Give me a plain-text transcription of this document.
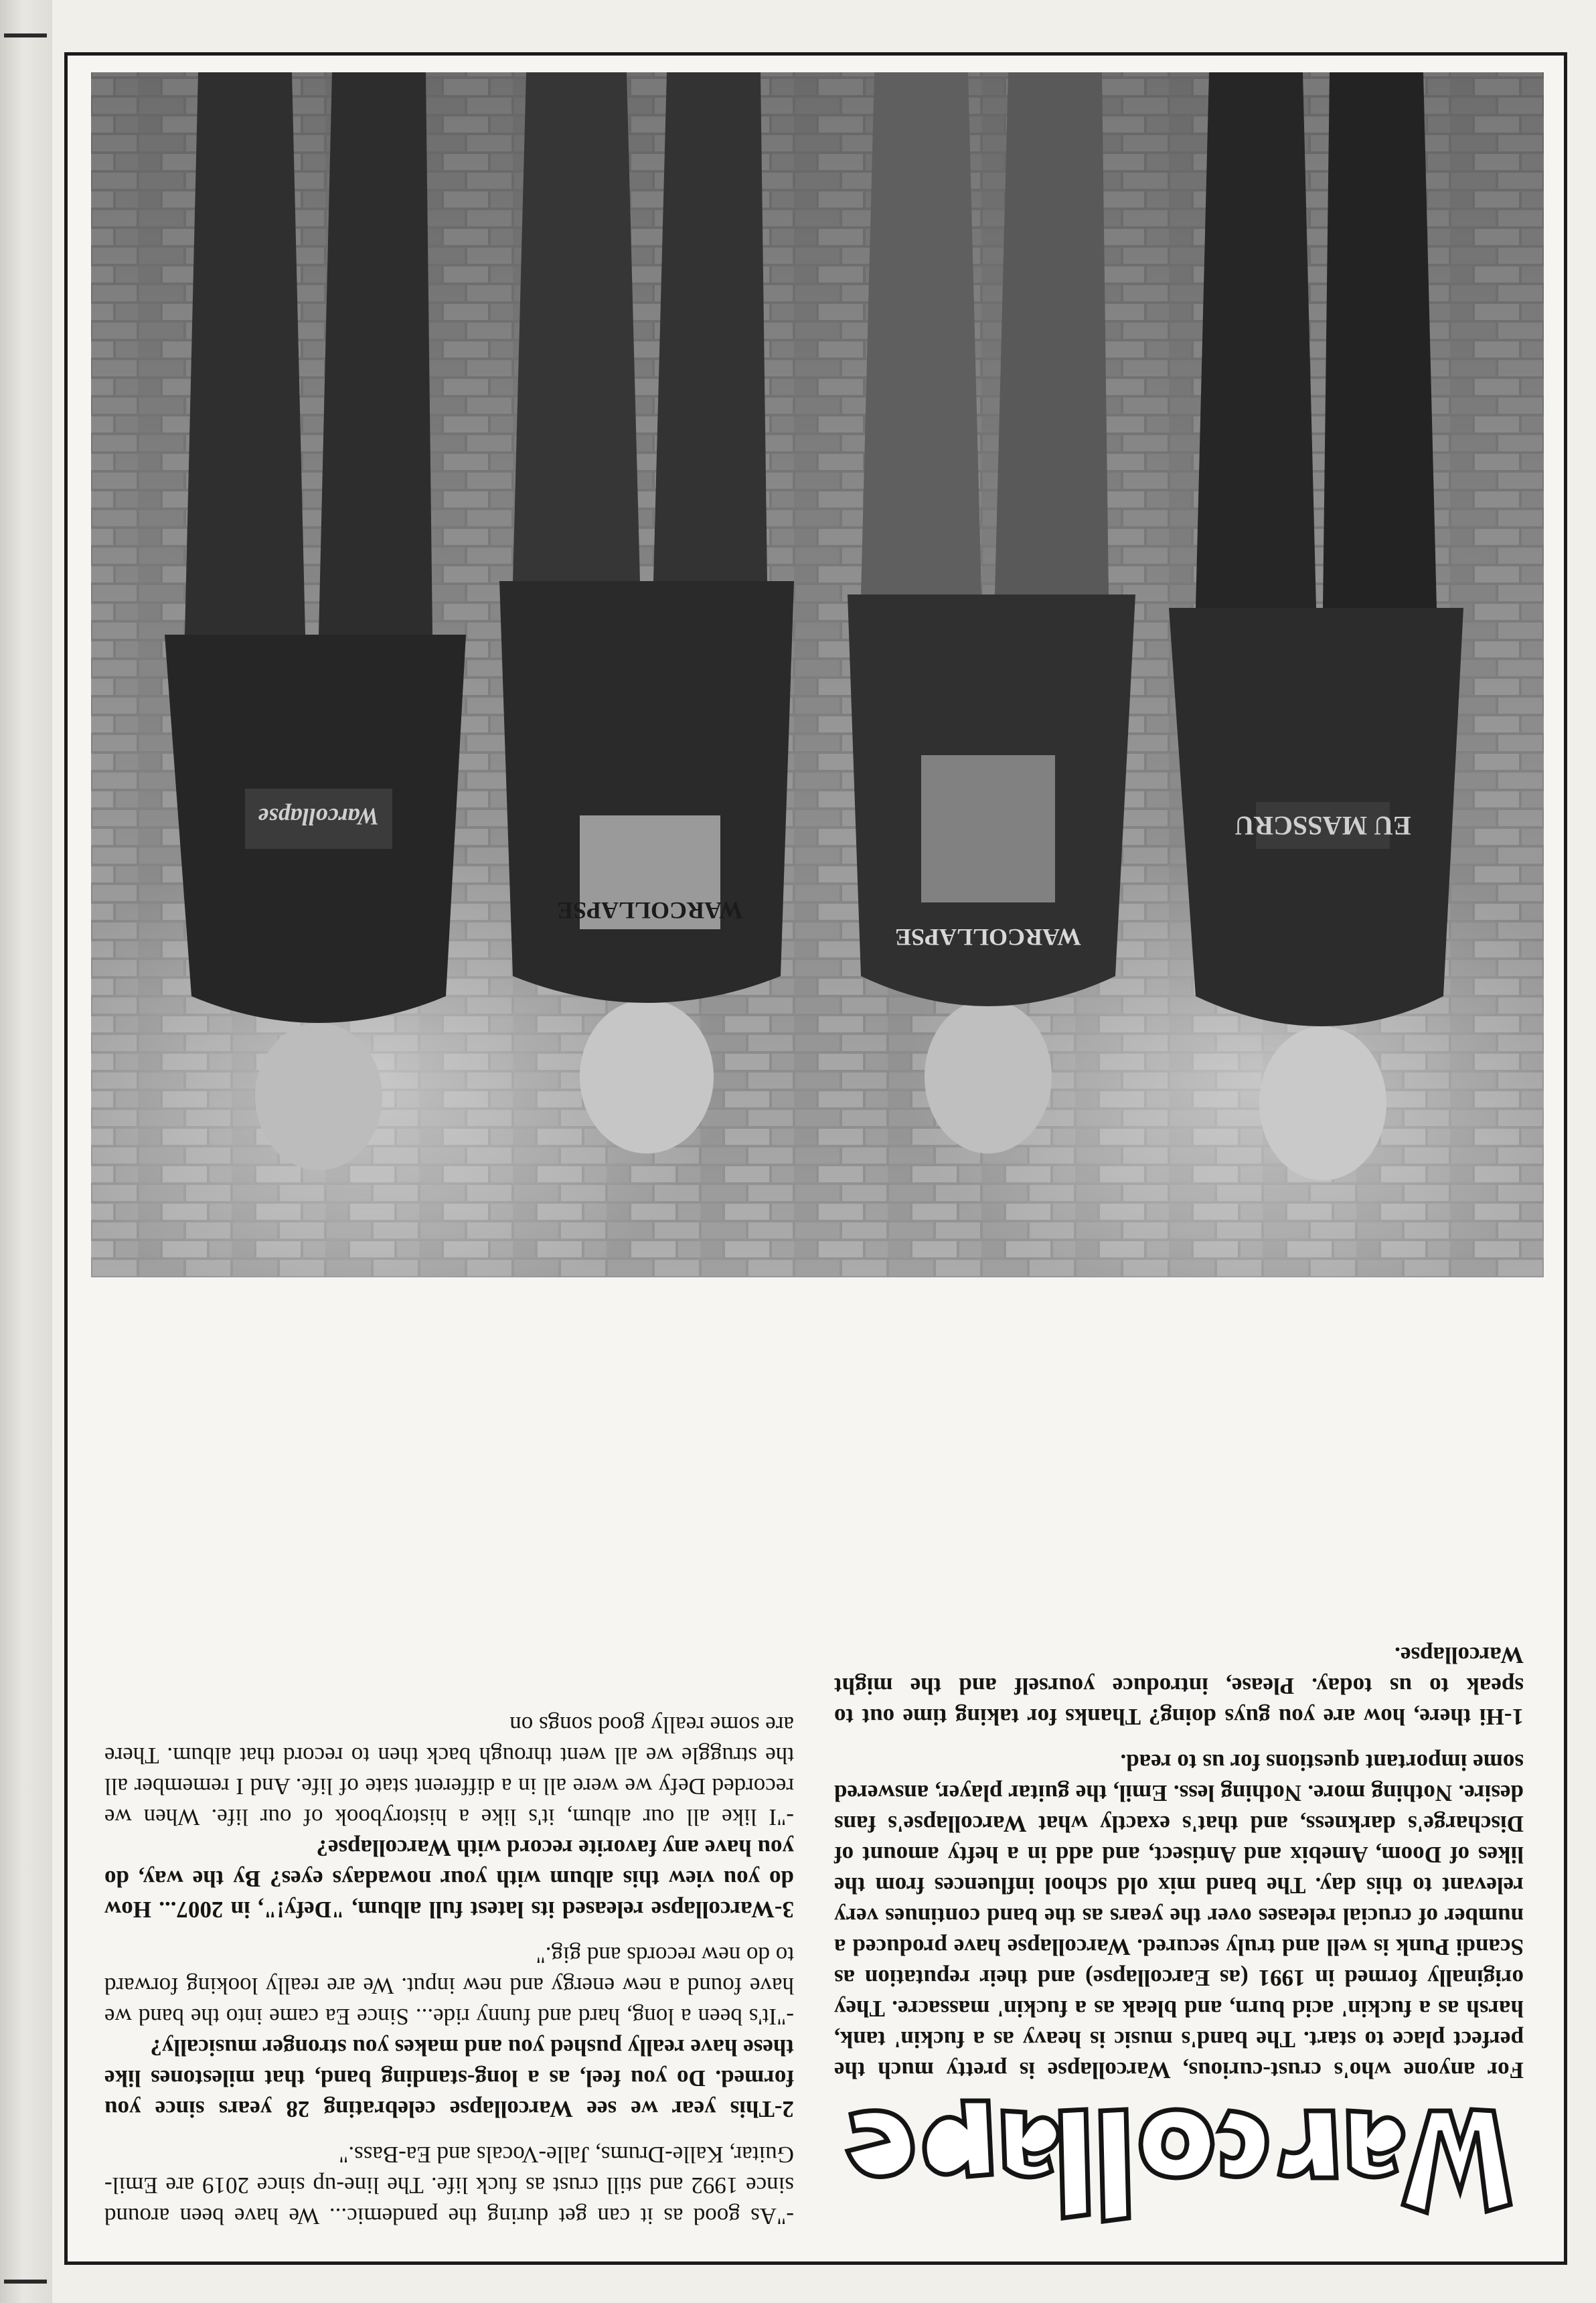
warcollapse

For anyone who's crust-curious, Warcollapse is pretty much the perfect place to start. The band's music is heavy as a fuckin' tank, harsh as a fuckin' acid burn, and bleak as a fuckin' massacre. They originally formed in 1991 (as Earcollapse) and their reputation as Scandi Punk is well and truly secured. Warcollapse have produced a number of crucial releases over the years as the band continues very relevant to this day. The band mix old school influences from the likes of Doom, Amebix and Antisect, and add in a hefty amount of Discharge's darkness, and that's exactly what Warcollapse's fans desire. Nothing more. Nothing less. Emil, the guitar player, answered some important questions for us to read.

1-Hi there, how are you guys doing? Thanks for taking time out to speak to us today. Please, introduce yourself and the might Warcollapse.

-"As good as it can get during the pandemic... We have been around since 1992 and still crust as fuck life. The line-up since 2019 are Emil-Guitar, Kalle-Drums, Jalle-Vocals and Ea-Bass."

2-This year we see Warcollapse celebrating 28 years since you formed. Do you feel, as a long-standing band, that milestones like these have really pushed you and makes you stronger musically?

-"It's been a long, hard and funny ride... Since Ea came into the band we have found a new energy and new input. We are really looking forward to do new records and gig."

3-Warcollapse released its latest full album, "Defy!", in 2007... How do you view this album with your nowadays eyes? By the way, do you have any favorite record with Warcollapse?

-"I like all our album, it's like a historybook of our life. When we recorded Defy we were all in a different state of life. And I remember all the struggle we all went through back then to record that album. There are some really good songs on

EU MASSCRU
WARCOLLAPSE
WARCOLLAPSE
Warcollapse
